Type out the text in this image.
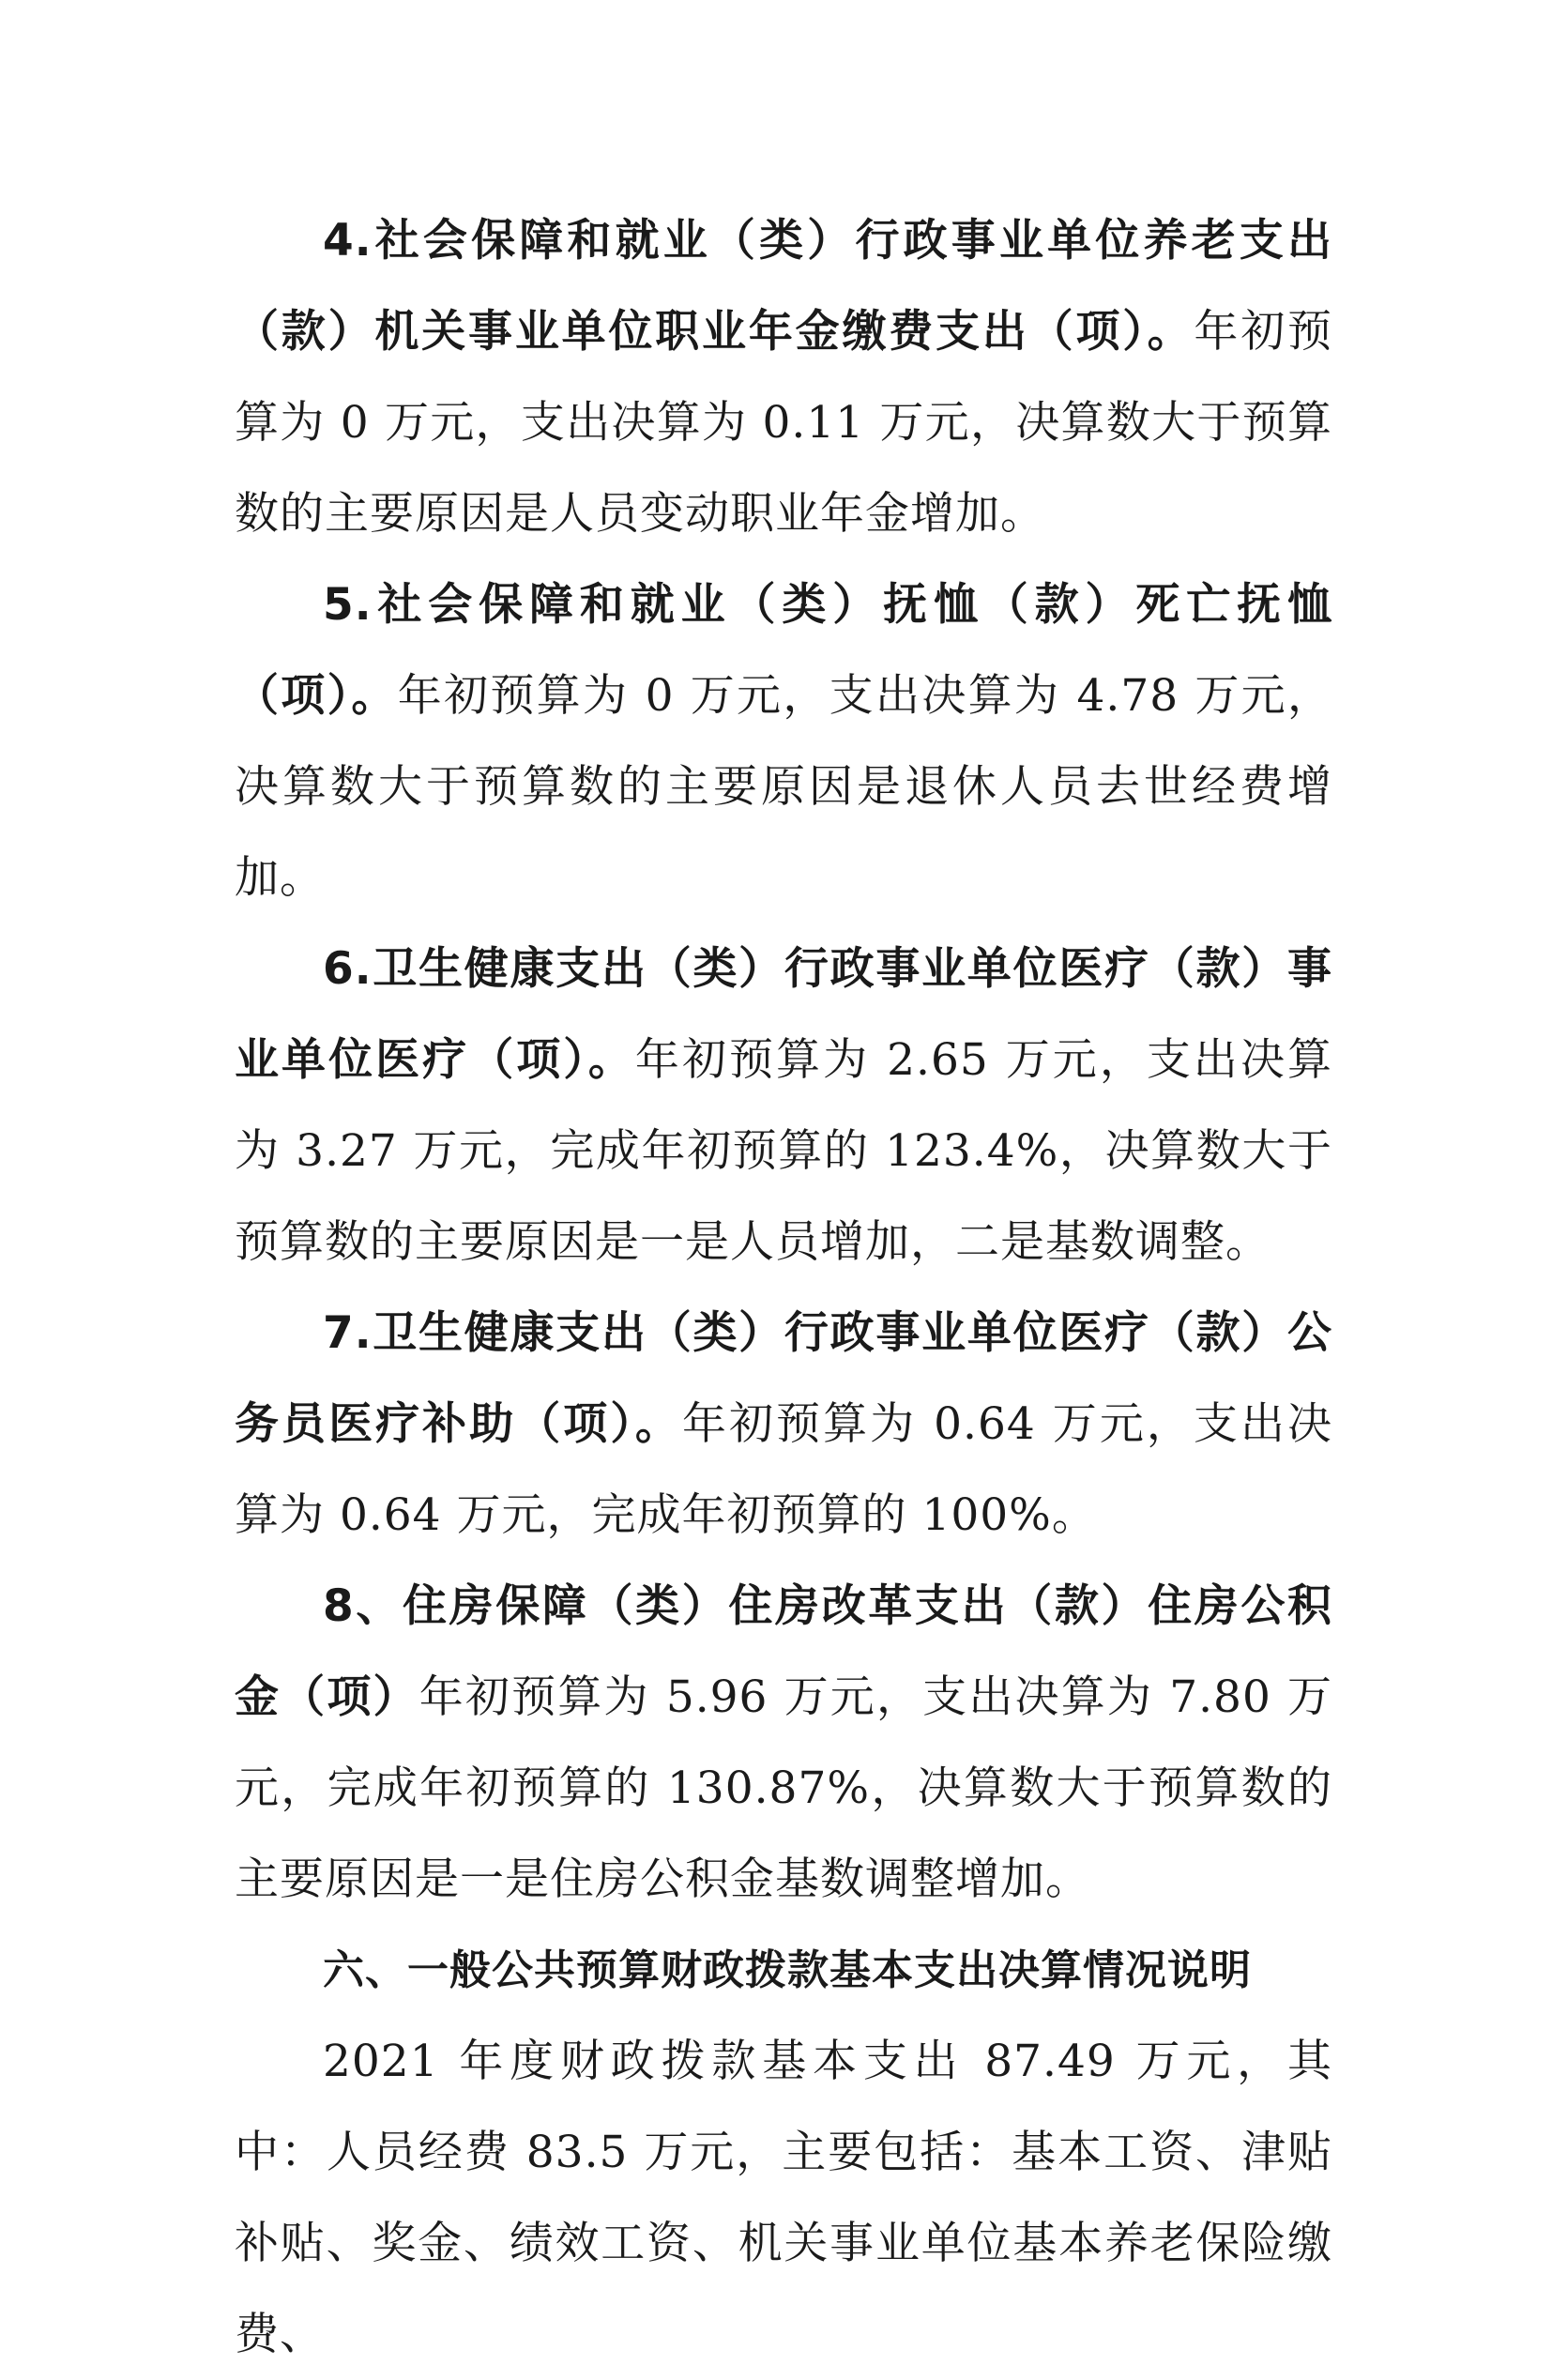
4.社会保障和就业（类）行政事业单位养老支出（款）机关事业单位职业年金缴费支出（项）。年初预算为 0 万元，支出决算为 0.11 万元，决算数大于预算数的主要原因是人员变动职业年金增加。

5.社会保障和就业（类）抚恤（款）死亡抚恤（项）。年初预算为 0 万元，支出决算为 4.78 万元，决算数大于预算数的主要原因是退休人员去世经费增加。

6.卫生健康支出（类）行政事业单位医疗（款）事业单位医疗（项）。年初预算为 2.65 万元，支出决算为 3.27 万元，完成年初预算的 123.4%，决算数大于预算数的主要原因是一是人员增加，二是基数调整。

7.卫生健康支出（类）行政事业单位医疗（款）公务员医疗补助（项）。年初预算为 0.64 万元，支出决算为 0.64 万元，完成年初预算的 100%。

8、住房保障（类）住房改革支出（款）住房公积金（项）年初预算为 5.96 万元，支出决算为 7.80 万元，完成年初预算的 130.87%，决算数大于预算数的主要原因是一是住房公积金基数调整增加。

六、一般公共预算财政拨款基本支出决算情况说明

2021 年度财政拨款基本支出 87.49 万元，其中：人员经费 83.5 万元，主要包括：基本工资、津贴补贴、奖金、绩效工资、机关事业单位基本养老保险缴费、
